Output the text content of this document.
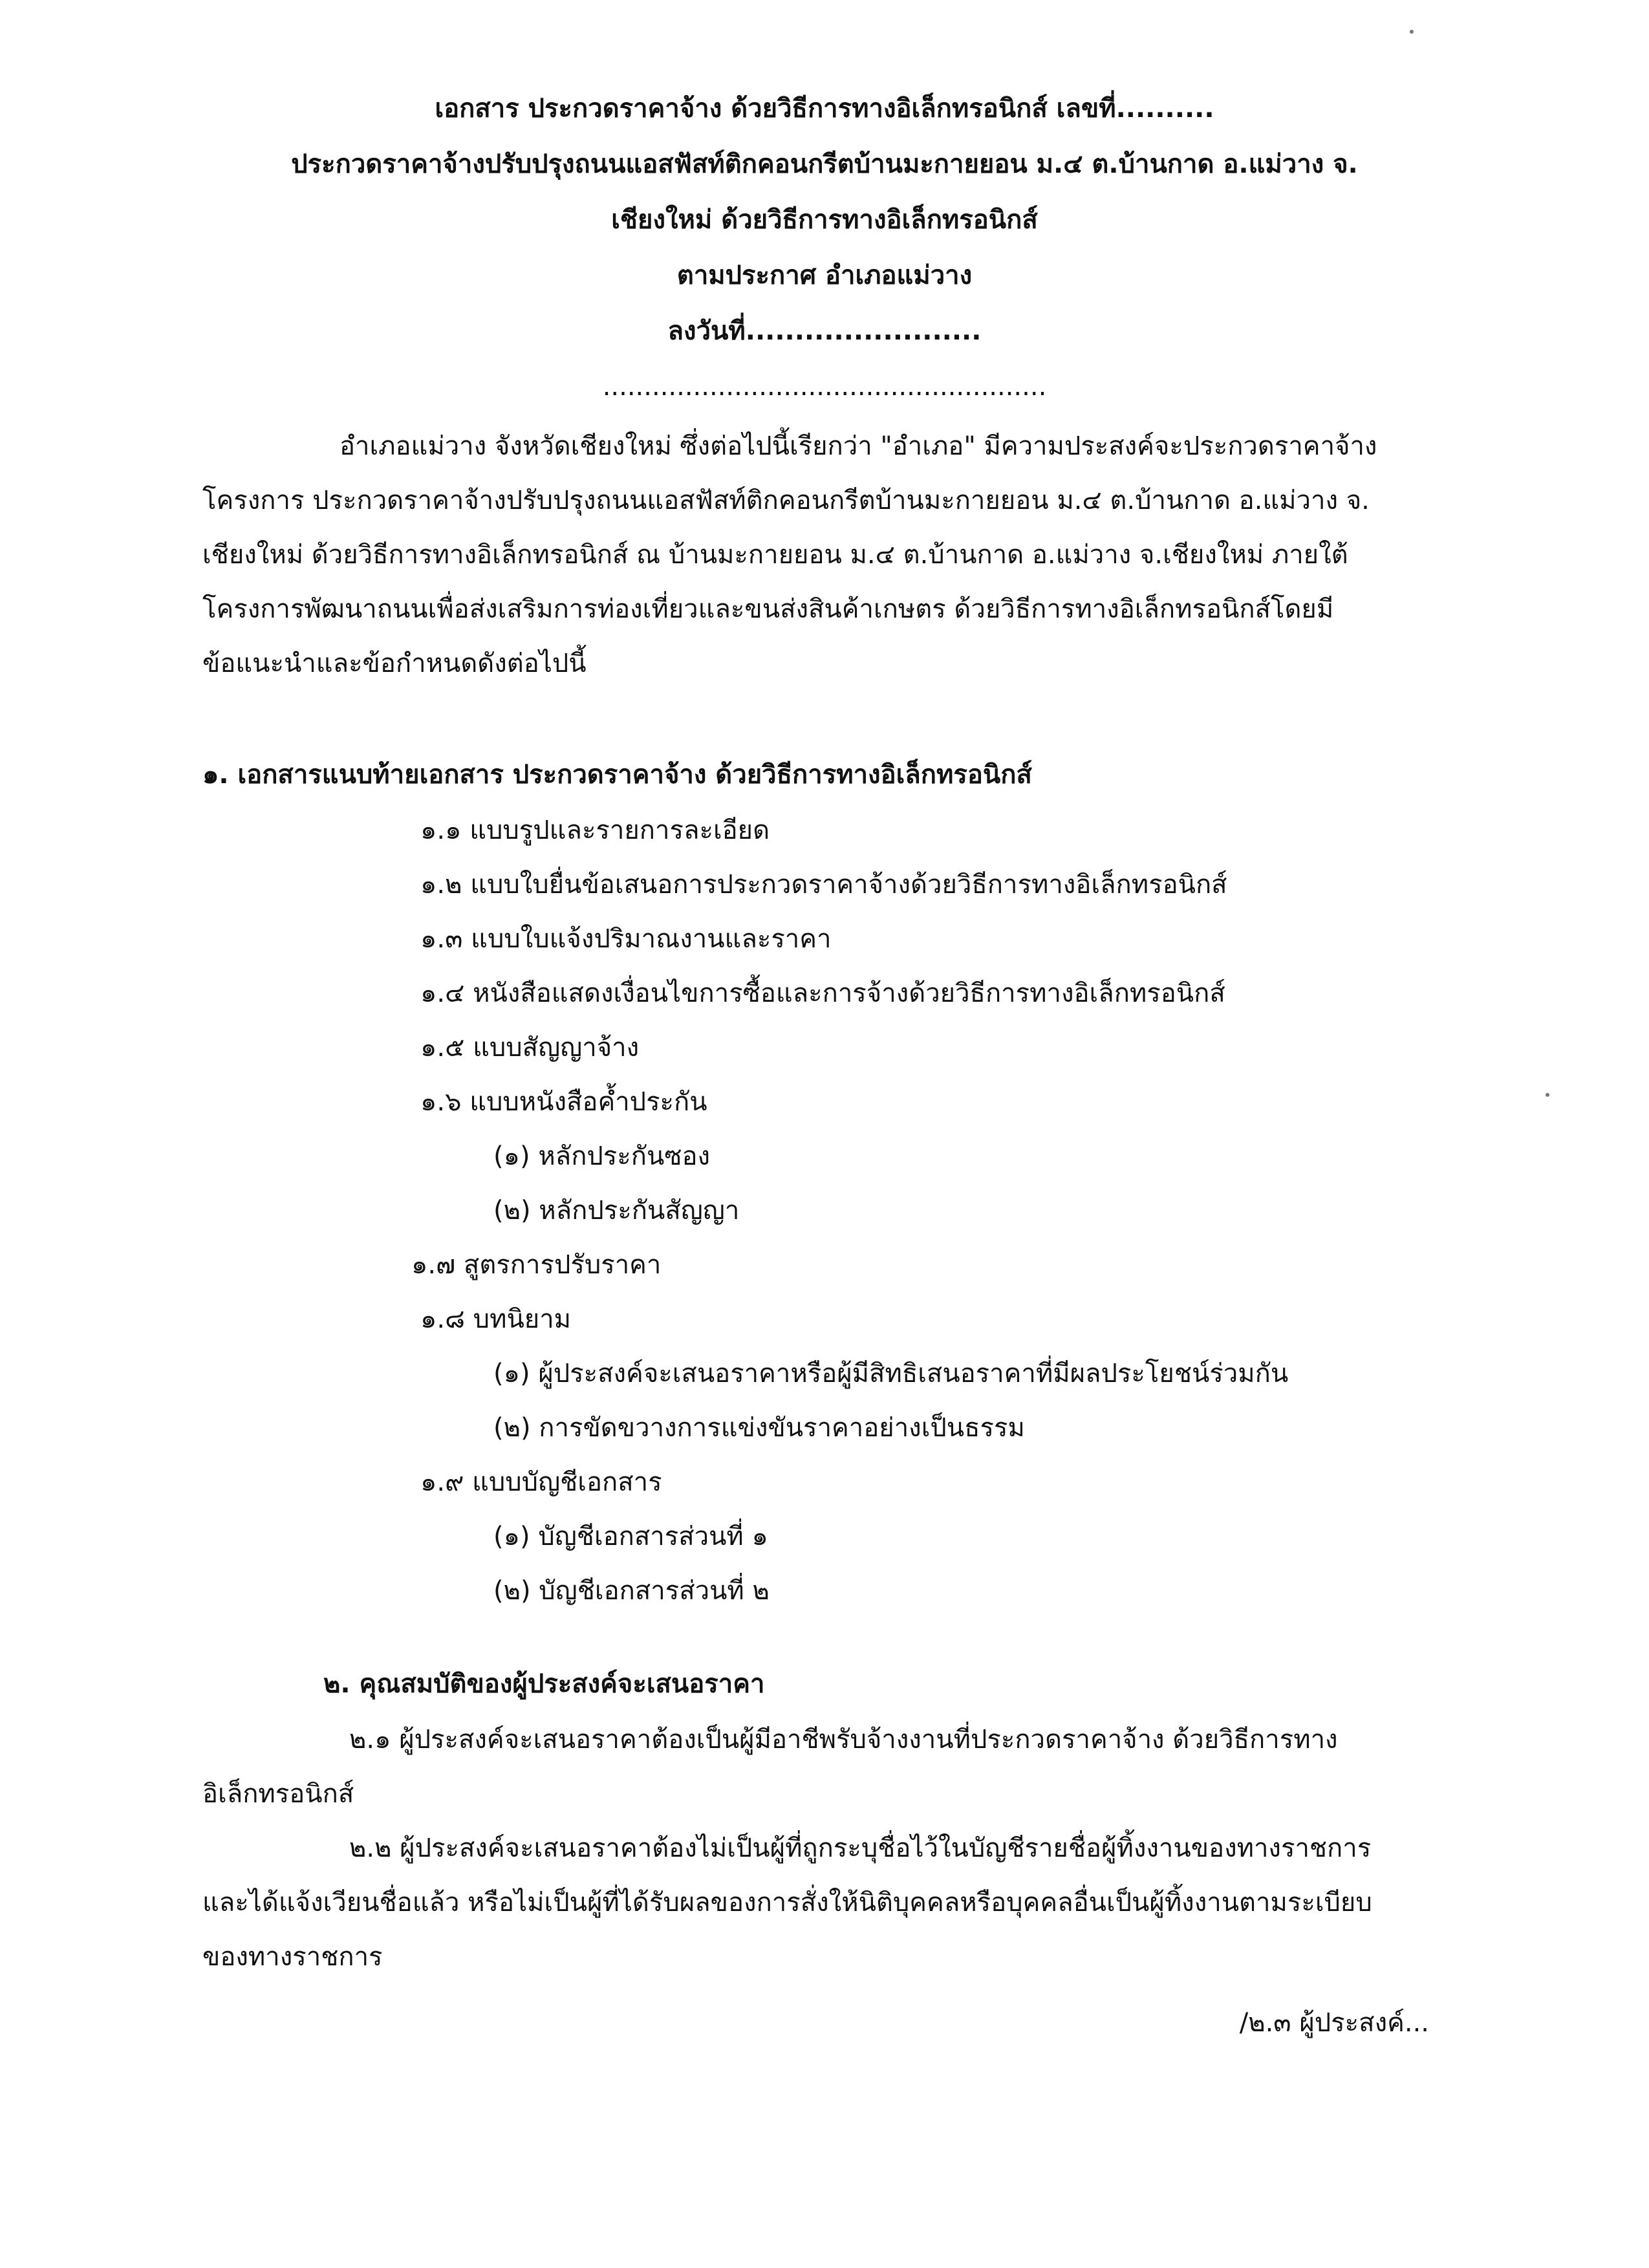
เอกสาร ประกวดราคาจ้าง ด้วยวิธีการทางอิเล็กทรอนิกส์ เลขที่..........
ประกวดราคาจ้างปรับปรุงถนนแอสฟัสท์ติกคอนกรีตบ้านมะกายยอน ม.๔ ต.บ้านกาด อ.แม่วาง จ.
เชียงใหม่ ด้วยวิธีการทางอิเล็กทรอนิกส์
ตามประกาศ อำเภอแม่วาง
ลงวันที่........................
......................................................
อำเภอแม่วาง จังหวัดเชียงใหม่ ซึ่งต่อไปนี้เรียกว่า "อำเภอ" มีความประสงค์จะประกวดราคาจ้าง
โครงการ ประกวดราคาจ้างปรับปรุงถนนแอสฟัสท์ติกคอนกรีตบ้านมะกายยอน ม.๔ ต.บ้านกาด อ.แม่วาง จ.
เชียงใหม่ ด้วยวิธีการทางอิเล็กทรอนิกส์ ณ บ้านมะกายยอน ม.๔ ต.บ้านกาด อ.แม่วาง จ.เชียงใหม่ ภายใต้
โครงการพัฒนาถนนเพื่อส่งเสริมการท่องเที่ยวและขนส่งสินค้าเกษตร ด้วยวิธีการทางอิเล็กทรอนิกส์โดยมี
ข้อแนะนำและข้อกำหนดดังต่อไปนี้
๑. เอกสารแนบท้ายเอกสาร ประกวดราคาจ้าง ด้วยวิธีการทางอิเล็กทรอนิกส์
๑.๑ แบบรูปและรายการละเอียด
๑.๒ แบบใบยื่นข้อเสนอการประกวดราคาจ้างด้วยวิธีการทางอิเล็กทรอนิกส์
๑.๓ แบบใบแจ้งปริมาณงานและราคา
๑.๔ หนังสือแสดงเงื่อนไขการซื้อและการจ้างด้วยวิธีการทางอิเล็กทรอนิกส์
๑.๕ แบบสัญญาจ้าง
๑.๖ แบบหนังสือค้ำประกัน
(๑) หลักประกันซอง
(๒) หลักประกันสัญญา
๑.๗ สูตรการปรับราคา
๑.๘ บทนิยาม
(๑) ผู้ประสงค์จะเสนอราคาหรือผู้มีสิทธิเสนอราคาที่มีผลประโยชน์ร่วมกัน
(๒) การขัดขวางการแข่งขันราคาอย่างเป็นธรรม
๑.๙ แบบบัญชีเอกสาร
(๑) บัญชีเอกสารส่วนที่ ๑
(๒) บัญชีเอกสารส่วนที่ ๒
๒. คุณสมบัติของผู้ประสงค์จะเสนอราคา
๒.๑ ผู้ประสงค์จะเสนอราคาต้องเป็นผู้มีอาชีพรับจ้างงานที่ประกวดราคาจ้าง ด้วยวิธีการทาง
อิเล็กทรอนิกส์
๒.๒ ผู้ประสงค์จะเสนอราคาต้องไม่เป็นผู้ที่ถูกระบุชื่อไว้ในบัญชีรายชื่อผู้ทิ้งงานของทางราชการ
และได้แจ้งเวียนชื่อแล้ว หรือไม่เป็นผู้ที่ได้รับผลของการสั่งให้นิติบุคคลหรือบุคคลอื่นเป็นผู้ทิ้งงานตามระเบียบ
ของทางราชการ
/๒.๓ ผู้ประสงค์...
